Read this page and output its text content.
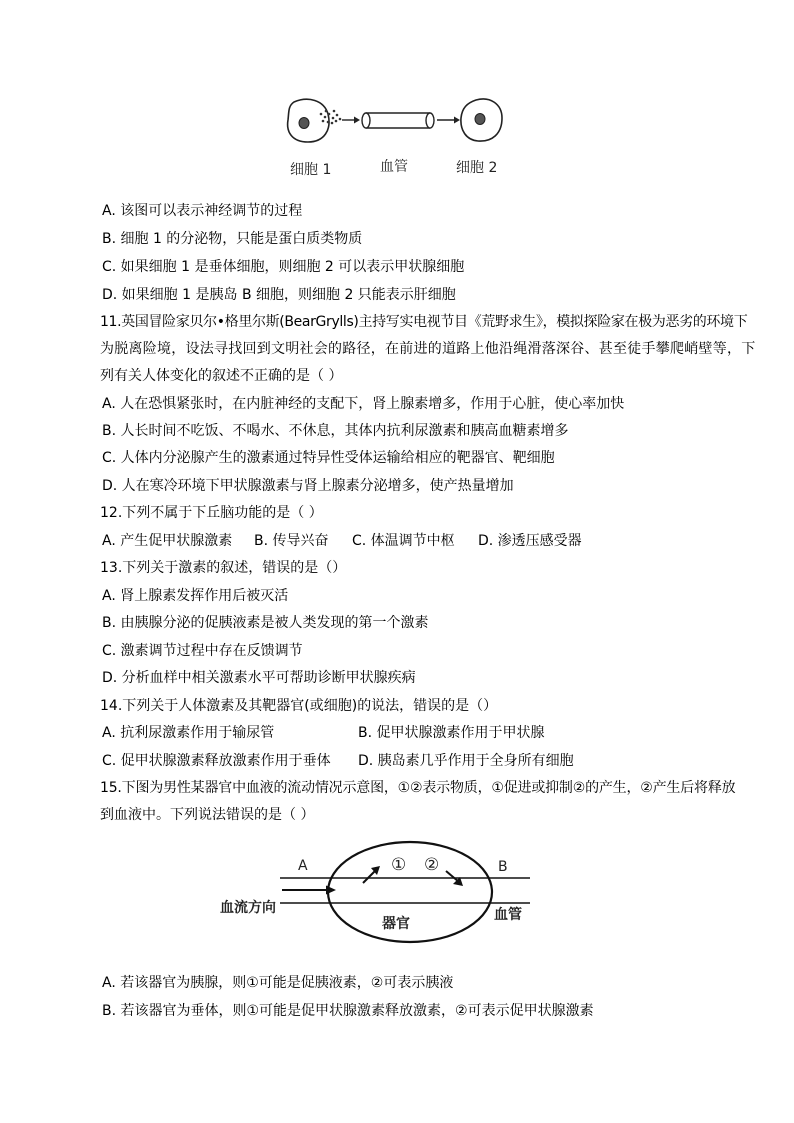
细胞 1	血管	细胞 2
A. 该图可以表示神经调节的过程
B. 细胞 1 的分泌物，只能是蛋白质类物质
C. 如果细胞 1 是垂体细胞，则细胞 2 可以表示甲状腺细胞
D. 如果细胞 1 是胰岛 B 细胞，则细胞 2 只能表示肝细胞
11.英国冒险家贝尔•格里尔斯(BearGrylls)主持写实电视节目《荒野求生》，模拟探险家在极为恶劣的环境下
为脱离险境，设法寻找回到文明社会的路径，在前进的道路上他沿绳滑落深谷、甚至徒手攀爬峭壁等，下
列有关人体变化的叙述不正确的是（ ）
A. 人在恐惧紧张时，在内脏神经的支配下，肾上腺素增多，作用于心脏，使心率加快
B. 人长时间不吃饭、不喝水、不休息，其体内抗利尿激素和胰高血糖素增多
C. 人体内分泌腺产生的激素通过特异性受体运输给相应的靶器官、靶细胞
D. 人在寒冷环境下甲状腺激素与肾上腺素分泌增多，使产热量增加
12.下列不属于下丘脑功能的是（ ）
A. 产生促甲状腺激素 B. 传导兴奋 C. 体温调节中枢 D. 渗透压感受器
13.下列关于激素的叙述，错误的是（）
A. 肾上腺素发挥作用后被灭活
B. 由胰腺分泌的促胰液素是被人类发现的第一个激素
C. 激素调节过程中存在反馈调节
D. 分析血样中相关激素水平可帮助诊断甲状腺疾病
14.下列关于人体激素及其靶器官(或细胞)的说法，错误的是（）
A. 抗利尿激素作用于输尿管	B. 促甲状腺激素作用于甲状腺
C. 促甲状腺激素释放激素作用于垂体 D. 胰岛素几乎作用于全身所有细胞
15.下图为男性某器官中血液的流动情况示意图，①②表示物质，①促进或抑制②的产生，②产生后将释放
到血液中。下列说法错误的是（ ）
A	B
① ②
血流方向
器官
血管
A. 若该器官为胰腺，则①可能是促胰液素，②可表示胰液
B. 若该器官为垂体，则①可能是促甲状腺激素释放激素，②可表示促甲状腺激素
